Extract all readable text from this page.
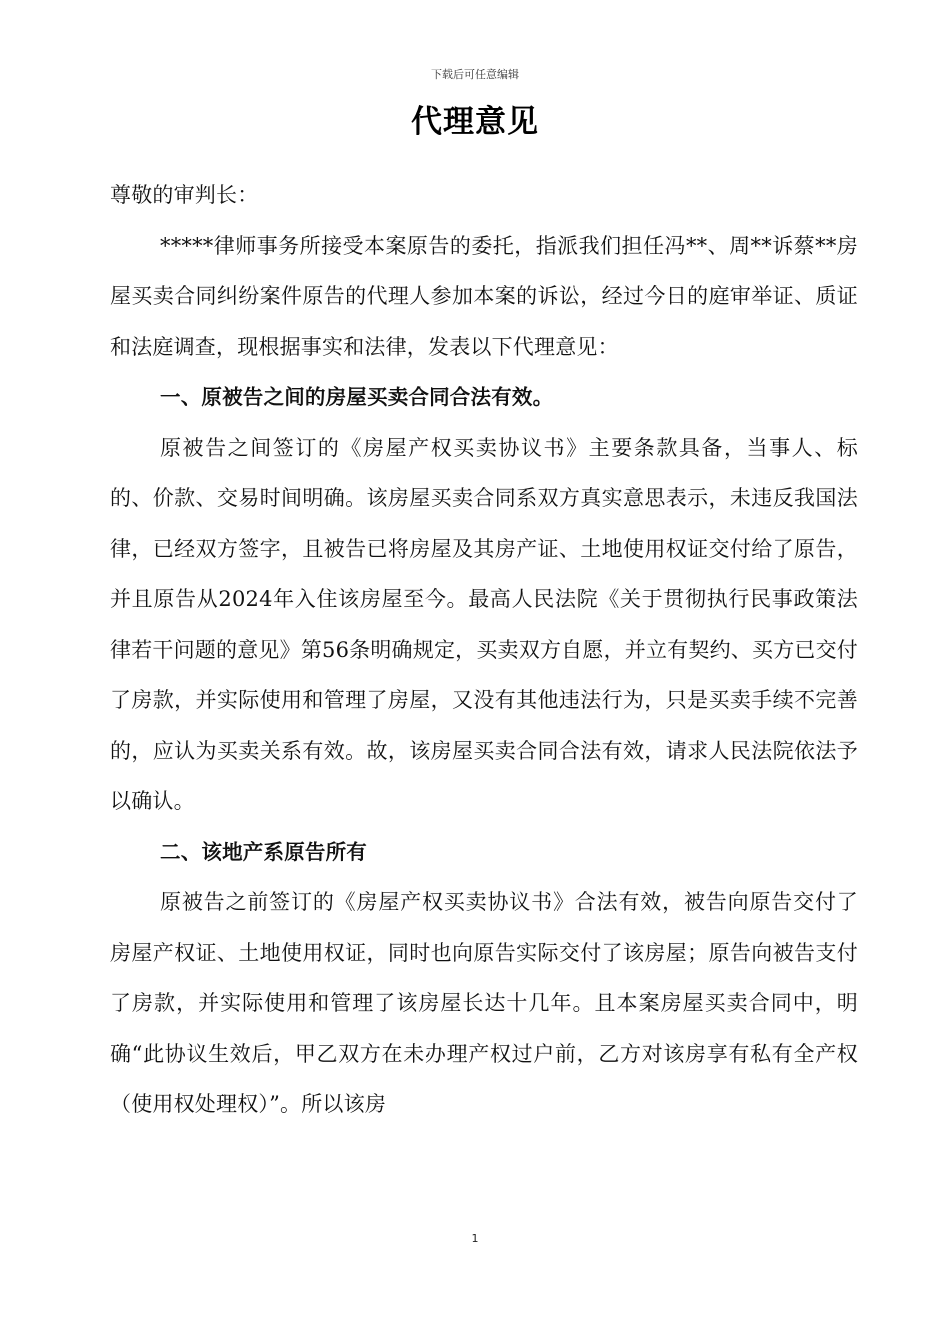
下载后可任意编辑
代理意见

尊敬的审判长：

*****律师事务所接受本案原告的委托，指派我们担任冯**、周**诉蔡**房屋买卖合同纠纷案件原告的代理人参加本案的诉讼，经过今日的庭审举证、质证和法庭调查，现根据事实和法律，发表以下代理意见：

一、原被告之间的房屋买卖合同合法有效。

原被告之间签订的《房屋产权买卖协议书》主要条款具备，当事人、标的、价款、交易时间明确。该房屋买卖合同系双方真实意思表示，未违反我国法律，已经双方签字，且被告已将房屋及其房产证、土地使用权证交付给了原告，并且原告从2024年入住该房屋至今。最高人民法院《关于贯彻执行民事政策法律若干问题的意见》第56条明确规定，买卖双方自愿，并立有契约、买方已交付了房款，并实际使用和管理了房屋，又没有其他违法行为，只是买卖手续不完善的，应认为买卖关系有效。故，该房屋买卖合同合法有效，请求人民法院依法予以确认。

二、该地产系原告所有

原被告之前签订的《房屋产权买卖协议书》合法有效，被告向原告交付了房屋产权证、土地使用权证，同时也向原告实际交付了该房屋；原告向被告支付了房款，并实际使用和管理了该房屋长达十几年。且本案房屋买卖合同中，明确“此协议生效后，甲乙双方在未办理产权过户前，乙方对该房享有私有全产权（使用权处理权）”。所以该房

1
